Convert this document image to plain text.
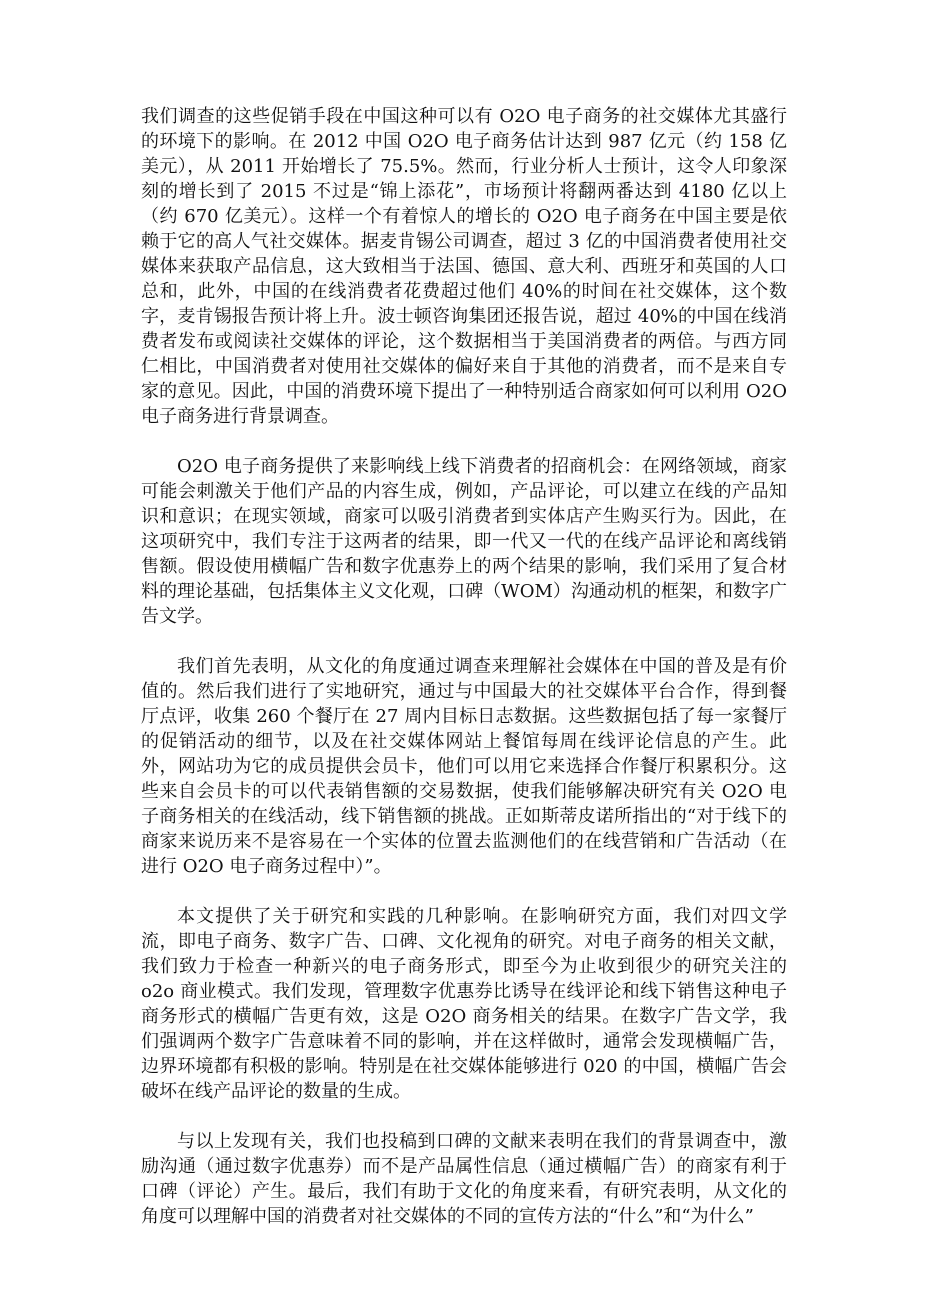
我们调查的这些促销手段在中国这种可以有 O2O 电子商务的社交媒体尤其盛行的环境下的影响。在 2012 中国 O2O 电子商务估计达到 987 亿元（约 158 亿美元），从 2011 开始增长了 75.5%。然而，行业分析人士预计，这令人印象深刻的增长到了 2015 不过是“锦上添花”，市场预计将翻两番达到 4180 亿以上（约 670 亿美元）。这样一个有着惊人的增长的 O2O 电子商务在中国主要是依赖于它的高人气社交媒体。据麦肯锡公司调查，超过 3 亿的中国消费者使用社交媒体来获取产品信息，这大致相当于法国、德国、意大利、西班牙和英国的人口总和，此外，中国的在线消费者花费超过他们 40%的时间在社交媒体，这个数字，麦肯锡报告预计将上升。波士顿咨询集团还报告说，超过 40%的中国在线消费者发布或阅读社交媒体的评论，这个数据相当于美国消费者的两倍。与西方同仁相比，中国消费者对使用社交媒体的偏好来自于其他的消费者，而不是来自专家的意见。因此，中国的消费环境下提出了一种特别适合商家如何可以利用 O2O 电子商务进行背景调查。

O2O 电子商务提供了来影响线上线下消费者的招商机会：在网络领域，商家可能会刺激关于他们产品的内容生成，例如，产品评论，可以建立在线的产品知识和意识；在现实领域，商家可以吸引消费者到实体店产生购买行为。因此，在这项研究中，我们专注于这两者的结果，即一代又一代的在线产品评论和离线销售额。假设使用横幅广告和数字优惠券上的两个结果的影响，我们采用了复合材料的理论基础，包括集体主义文化观，口碑（WOM）沟通动机的框架，和数字广告文学。

我们首先表明，从文化的角度通过调查来理解社会媒体在中国的普及是有价值的。然后我们进行了实地研究，通过与中国最大的社交媒体平台合作，得到餐厅点评，收集 260 个餐厅在 27 周内目标日志数据。这些数据包括了每一家餐厅的促销活动的细节，以及在社交媒体网站上餐馆每周在线评论信息的产生。此外，网站功为它的成员提供会员卡，他们可以用它来选择合作餐厅积累积分。这些来自会员卡的可以代表销售额的交易数据，使我们能够解决研究有关 O2O 电子商务相关的在线活动，线下销售额的挑战。正如斯蒂皮诺所指出的“对于线下的商家来说历来不是容易在一个实体的位置去监测他们的在线营销和广告活动（在进行 O2O 电子商务过程中）”。

本文提供了关于研究和实践的几种影响。在影响研究方面，我们对四文学流，即电子商务、数字广告、口碑、文化视角的研究。对电子商务的相关文献，我们致力于检查一种新兴的电子商务形式，即至今为止收到很少的研究关注的 o2o 商业模式。我们发现，管理数字优惠券比诱导在线评论和线下销售这种电子商务形式的横幅广告更有效，这是 O2O 商务相关的结果。在数字广告文学，我们强调两个数字广告意味着不同的影响，并在这样做时，通常会发现横幅广告，边界环境都有积极的影响。特别是在社交媒体能够进行 020 的中国，横幅广告会破坏在线产品评论的数量的生成。

与以上发现有关，我们也投稿到口碑的文献来表明在我们的背景调查中，激励沟通（通过数字优惠券）而不是产品属性信息（通过横幅广告）的商家有利于口碑（评论）产生。最后，我们有助于文化的角度来看，有研究表明，从文化的角度可以理解中国的消费者对社交媒体的不同的宣传方法的“什么”和“为什么”
